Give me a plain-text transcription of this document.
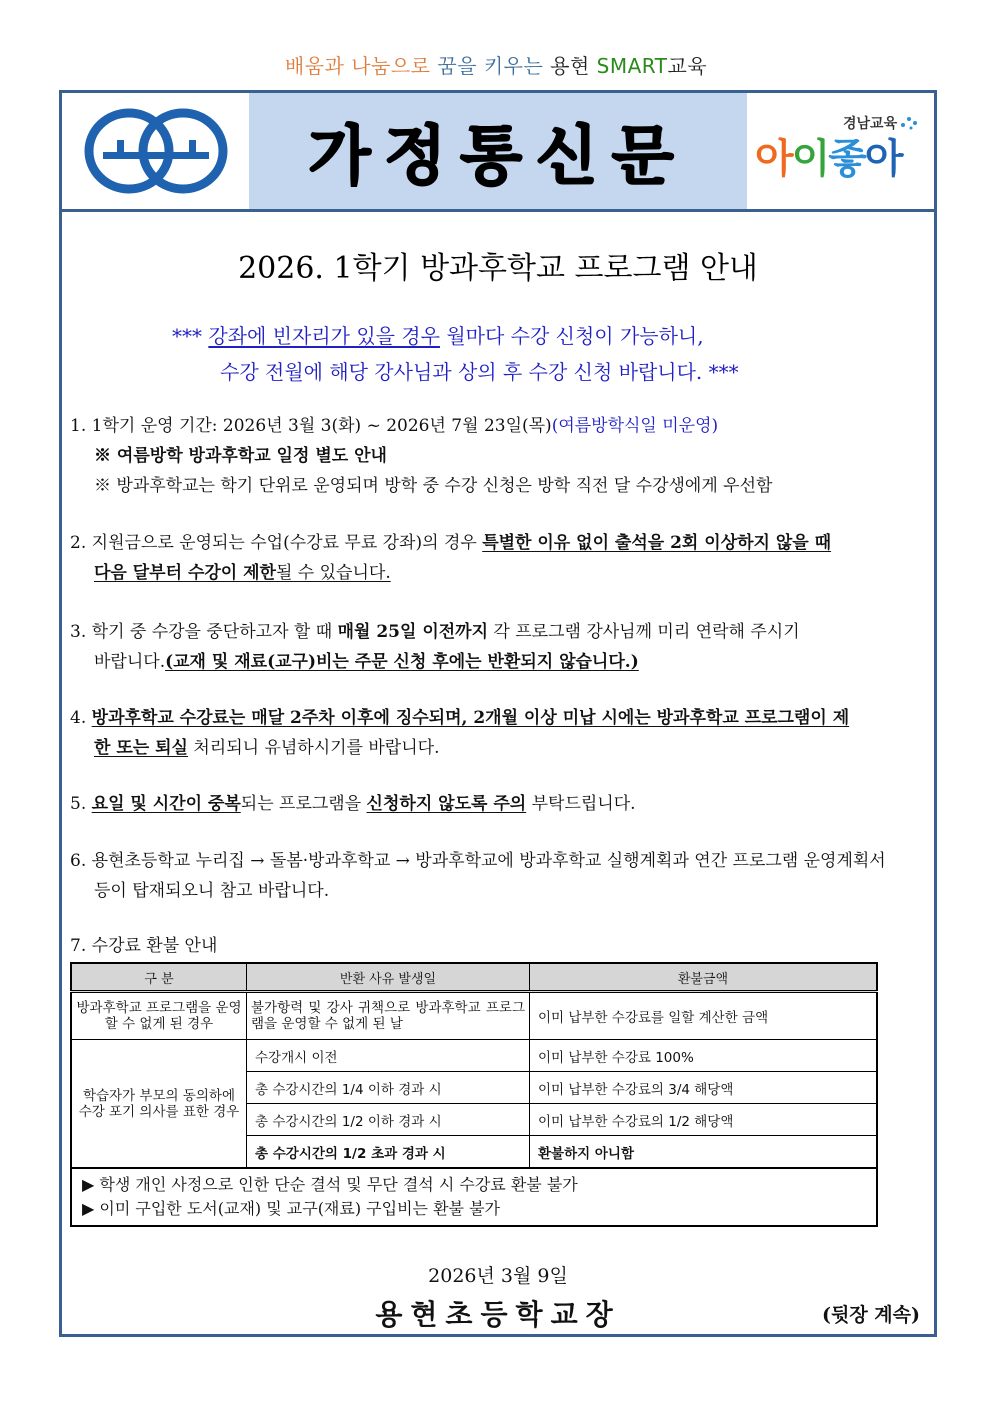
배움과 나눔으로 꿈을 키우는 용현 SMART교육
가정통신문	경남교육
아이좋아
2026. 1학기 방과후학교 프로그램 안내
*** 강좌에 빈자리가 있을 경우 월마다 수강 신청이 가능하니,
수강 전월에 해당 강사님과 상의 후 수강 신청 바랍니다. ***
1. 1학기 운영 기간: 2026년 3월 3(화) ~ 2026년 7월 23일(목)(여름방학식일 미운영)
※ 여름방학 방과후학교 일정 별도 안내
※ 방과후학교는 학기 단위로 운영되며 방학 중 수강 신청은 방학 직전 달 수강생에게 우선함
2. 지원금으로 운영되는 수업(수강료 무료 강좌)의 경우 특별한 이유 없이 출석을 2회 이상하지 않을 때
다음 달부터 수강이 제한될 수 있습니다.
3. 학기 중 수강을 중단하고자 할 때 매월 25일 이전까지 각 프로그램 강사님께 미리 연락해 주시기
바랍니다.(교재 및 재료(교구)비는 주문 신청 후에는 반환되지 않습니다.)
4. 방과후학교 수강료는 매달 2주차 이후에 징수되며, 2개월 이상 미납 시에는 방과후학교 프로그램이 제
한 또는 퇴실 처리되니 유념하시기를 바랍니다.
5. 요일 및 시간이 중복되는 프로그램을 신청하지 않도록 주의 부탁드립니다.
6. 용현초등학교 누리집 → 돌봄·방과후학교 → 방과후학교에 방과후학교 실행계획과 연간 프로그램 운영계획서
등이 탑재되오니 참고 바랍니다.
7. 수강료 환불 안내
구 분	반환 사유 발생일	환불금액
방과후학교 프로그램을 운영할 수 없게 된 경우	불가항력 및 강사 귀책으로 방과후학교 프로그램을 운영할 수 없게 된 날	이미 납부한 수강료를 일할 계산한 금액
학습자가 부모의 동의하에 수강 포기 의사를 표한 경우	수강개시 이전	이미 납부한 수강료 100%
	총 수강시간의 1/4 이하 경과 시	이미 납부한 수강료의 3/4 해당액
	총 수강시간의 1/2 이하 경과 시	이미 납부한 수강료의 1/2 해당액
	총 수강시간의 1/2 초과 경과 시	환불하지 아니함

▶ 학생 개인 사정으로 인한 단순 결석 및 무단 결석 시 수강료 환불 불가
▶ 이미 구입한 도서(교재) 및 교구(재료) 구입비는 환불 불가		
2026년 3월 9일
용현초등학교장	(뒷장 계속)
